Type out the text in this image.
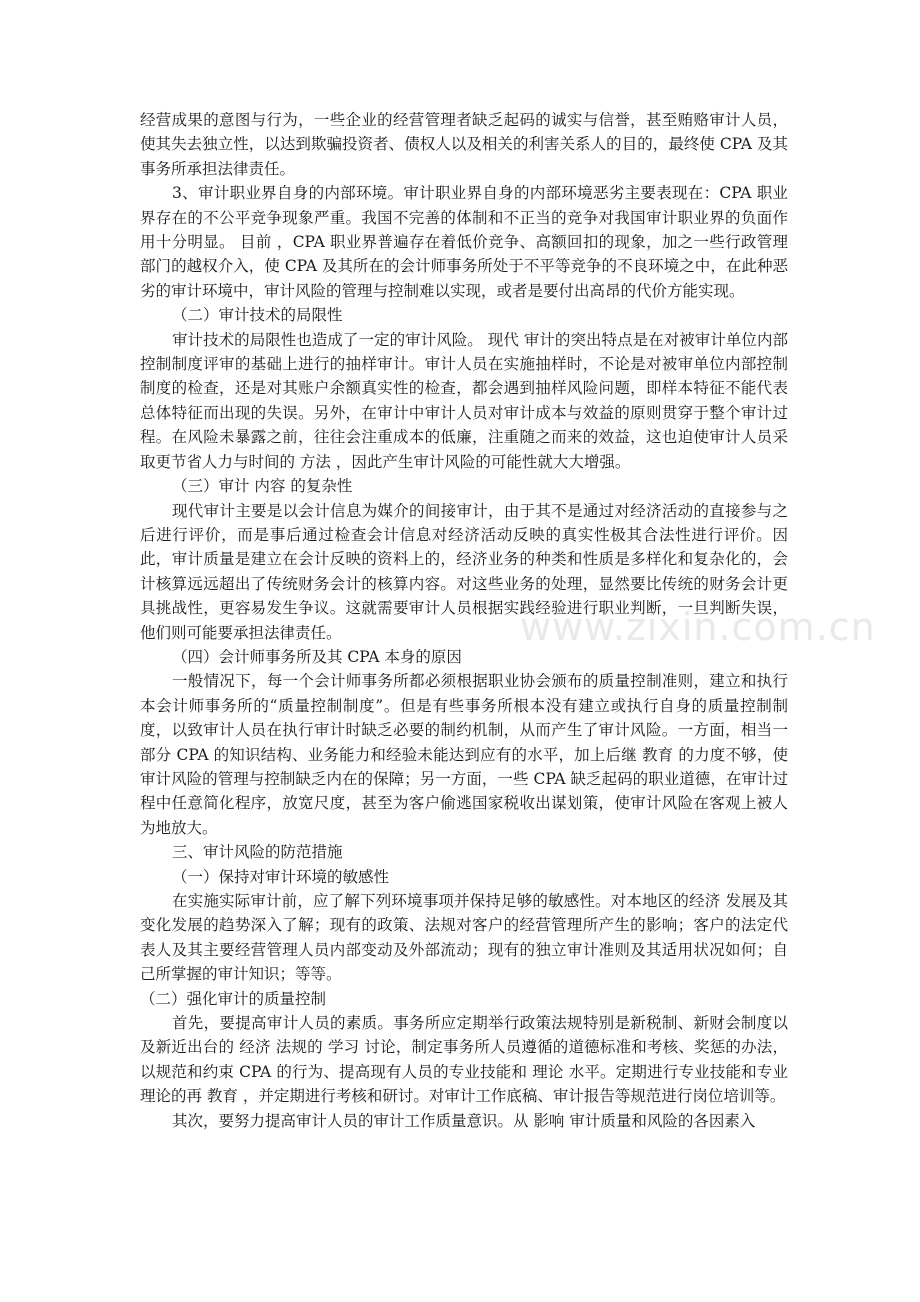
www.zixin.com.cn

经营成果的意图与行为，一些企业的经营管理者缺乏起码的诚实与信誉，甚至贿赂审计人员，使其失去独立性，以达到欺骗投资者、债权人以及相关的利害关系人的目的，最终使 CPA 及其事务所承担法律责任。

3、审计职业界自身的内部环境。审计职业界自身的内部环境恶劣主要表现在：CPA 职业界存在的不公平竞争现象严重。我国不完善的体制和不正当的竞争对我国审计职业界的负面作用十分明显。 目前 ，CPA 职业界普遍存在着低价竞争、高额回扣的现象，加之一些行政管理部门的越权介入，使 CPA 及其所在的会计师事务所处于不平等竞争的不良环境之中，在此种恶劣的审计环境中，审计风险的管理与控制难以实现，或者是要付出高昂的代价方能实现。

（二）审计技术的局限性

审计技术的局限性也造成了一定的审计风险。 现代 审计的突出特点是在对被审计单位内部控制制度评审的基础上进行的抽样审计。审计人员在实施抽样时，不论是对被审单位内部控制制度的检查，还是对其账户余额真实性的检查，都会遇到抽样风险问题，即样本特征不能代表总体特征而出现的失误。另外，在审计中审计人员对审计成本与效益的原则贯穿于整个审计过程。在风险未暴露之前，往往会注重成本的低廉，注重随之而来的效益，这也迫使审计人员采取更节省人力与时间的 方法 ，因此产生审计风险的可能性就大大增强。

（三）审计 内容 的复杂性

现代审计主要是以会计信息为媒介的间接审计，由于其不是通过对经济活动的直接参与之后进行评价，而是事后通过检查会计信息对经济活动反映的真实性极其合法性进行评价。因此，审计质量是建立在会计反映的资料上的，经济业务的种类和性质是多样化和复杂化的，会计核算远远超出了传统财务会计的核算内容。对这些业务的处理，显然要比传统的财务会计更具挑战性，更容易发生争议。这就需要审计人员根据实践经验进行职业判断，一旦判断失误，他们则可能要承担法律责任。

（四）会计师事务所及其 CPA 本身的原因

一般情况下，每一个会计师事务所都必须根据职业协会颁布的质量控制准则，建立和执行本会计师事务所的“质量控制制度”。但是有些事务所根本没有建立或执行自身的质量控制制度，以致审计人员在执行审计时缺乏必要的制约机制，从而产生了审计风险。一方面，相当一部分 CPA 的知识结构、业务能力和经验未能达到应有的水平，加上后继 教育 的力度不够，使审计风险的管理与控制缺乏内在的保障；另一方面，一些 CPA 缺乏起码的职业道德，在审计过程中任意简化程序，放宽尺度，甚至为客户偷逃国家税收出谋划策，使审计风险在客观上被人为地放大。

三、审计风险的防范措施

（一）保持对审计环境的敏感性

在实施实际审计前，应了解下列环境事项并保持足够的敏感性。对本地区的经济 发展及其变化发展的趋势深入了解；现有的政策、法规对客户的经营管理所产生的影响；客户的法定代表人及其主要经营管理人员内部变动及外部流动；现有的独立审计准则及其适用状况如何；自己所掌握的审计知识；等等。

（二）强化审计的质量控制

首先，要提高审计人员的素质。事务所应定期举行政策法规特别是新税制、新财会制度以及新近出台的 经济 法规的 学习 讨论，制定事务所人员遵循的道德标准和考核、奖惩的办法，以规范和约束 CPA 的行为、提高现有人员的专业技能和 理论 水平。定期进行专业技能和专业理论的再 教育 ，并定期进行考核和研讨。对审计工作底稿、审计报告等规范进行岗位培训等。

其次，要努力提高审计人员的审计工作质量意识。从 影响 审计质量和风险的各因素入
